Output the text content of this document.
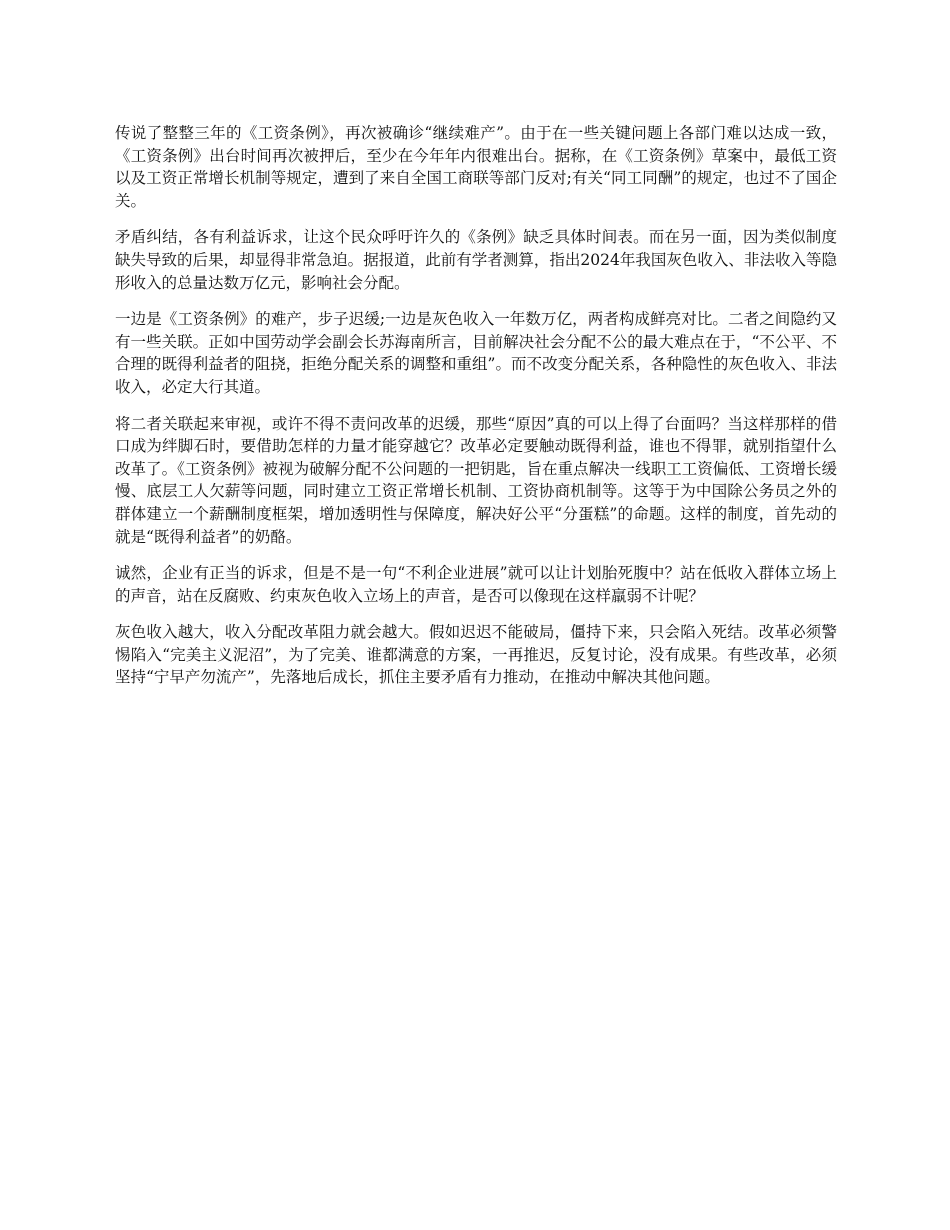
传说了整整三年的《工资条例》，再次被确诊“继续难产”。由于在一些关键问题上各部门难以达成一致，《工资条例》出台时间再次被押后，至少在今年年内很难出台。据称，在《工资条例》草案中，最低工资以及工资正常增长机制等规定，遭到了来自全国工商联等部门反对;有关“同工同酬”的规定，也过不了国企关。

矛盾纠结，各有利益诉求，让这个民众呼吁许久的《条例》缺乏具体时间表。而在另一面，因为类似制度缺失导致的后果，却显得非常急迫。据报道，此前有学者测算，指出2024年我国灰色收入、非法收入等隐形收入的总量达数万亿元，影响社会分配。

一边是《工资条例》的难产，步子迟缓;一边是灰色收入一年数万亿，两者构成鲜亮对比。二者之间隐约又有一些关联。正如中国劳动学会副会长苏海南所言，目前解决社会分配不公的最大难点在于，“不公平、不合理的既得利益者的阻挠，拒绝分配关系的调整和重组”。而不改变分配关系，各种隐性的灰色收入、非法收入，必定大行其道。

将二者关联起来审视，或许不得不责问改革的迟缓，那些“原因”真的可以上得了台面吗？当这样那样的借口成为绊脚石时，要借助怎样的力量才能穿越它？改革必定要触动既得利益，谁也不得罪，就别指望什么改革了。《工资条例》被视为破解分配不公问题的一把钥匙，旨在重点解决一线职工工资偏低、工资增长缓慢、底层工人欠薪等问题，同时建立工资正常增长机制、工资协商机制等。这等于为中国除公务员之外的群体建立一个薪酬制度框架，增加透明性与保障度，解决好公平“分蛋糕”的命题。这样的制度，首先动的就是“既得利益者”的奶酪。

诚然，企业有正当的诉求，但是不是一句“不利企业进展”就可以让计划胎死腹中？站在低收入群体立场上的声音，站在反腐败、约束灰色收入立场上的声音，是否可以像现在这样羸弱不计呢？

灰色收入越大，收入分配改革阻力就会越大。假如迟迟不能破局，僵持下来，只会陷入死结。改革必须警惕陷入“完美主义泥沼”，为了完美、谁都满意的方案，一再推迟，反复讨论，没有成果。有些改革，必须坚持“宁早产勿流产”，先落地后成长，抓住主要矛盾有力推动，在推动中解决其他问题。
